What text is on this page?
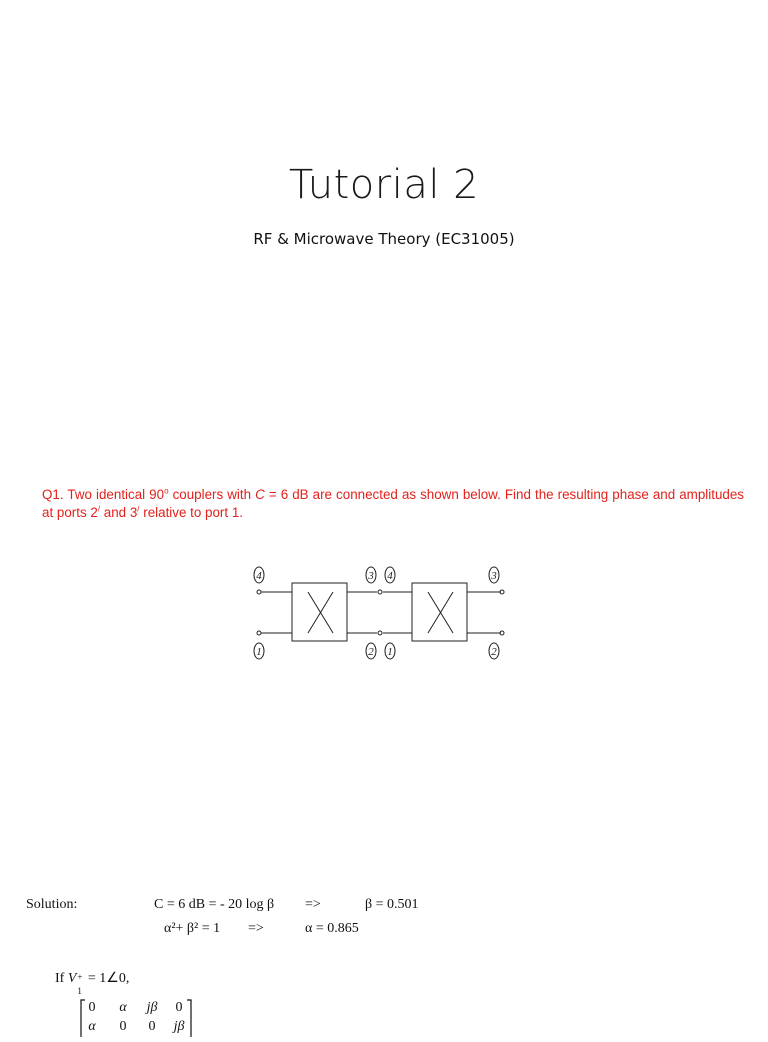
Tutorial 2
RF & Microwave Theory (EC31005)
Q1. Two identical 90$^o$ couplers with C = 6 dB are connected as shown below. Find the resulting phase and amplitudes at ports 2/ and 3/ relative to port 1.
4	3 4	3
1	2 1	2
Solution:	C = 6 dB = - 20 log β =>	β = 0.501
α²+ β² = 1 =>	α = 0.865
If V +
1
= 1∠0,
0 α jβ 0
α 0 0 jβ
